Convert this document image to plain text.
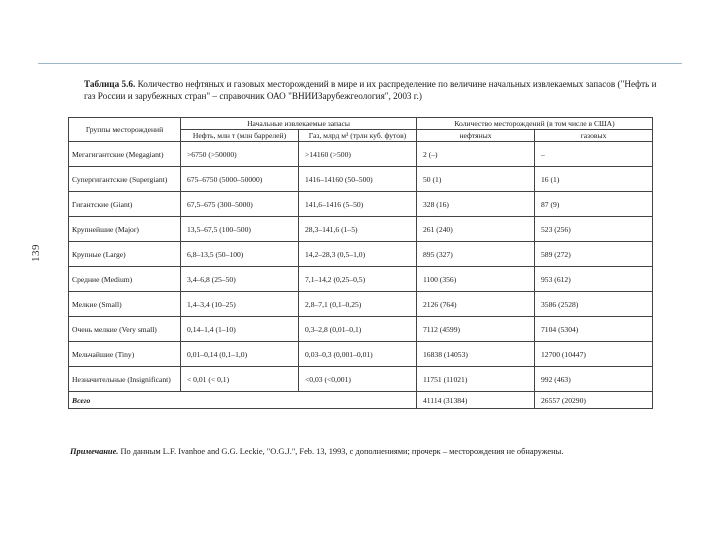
139
Таблица 5.6. Количество нефтяных и газовых месторождений в мире и их распределение по величине начальных извлекаемых запасов ("Нефть и газ России и зарубежных стран" – справочник ОАО "ВНИИЗарубежгеология", 2003 г.)
Группы месторождений	Начальные извлекаемые запасы		Количество месторождений (в том числе в США)	
	Нефть, млн т (млн баррелей)	Газ, млрд м³ (трлн куб. футов)		
			нефтяных	газовых
Мегагигантские (Megagiant)	>6750 (>50000)	>14160 (>500)	2 (–)	–
Супергигантские (Supergiant)	675–6750 (5000–50000)	1416–14160 (50–500)	50 (1)	16 (1)
Гигантские (Giant)	67,5–675 (300–5000)	141,6–1416 (5–50)	328 (16)	87 (9)
Крупнейшие (Major)	13,5–67,5 (100–500)	28,3–141,6 (1–5)	261 (240)	523 (256)
Крупные (Large)	6,8–13,5 (50–100)	14,2–28,3 (0,5–1,0)	895 (327)	589 (272)
Средние (Medium)	3,4–6,8 (25–50)	7,1–14,2 (0,25–0,5)	1100 (356)	953 (612)
Мелкие (Small)	1,4–3,4 (10–25)	2,8–7,1 (0,1–0,25)	2126 (764)	3586 (2528)
Очень мелкие (Very small)	0,14–1,4 (1–10)	0,3–2,8 (0,01–0,1)	7112 (4599)	7104 (5304)
Мельчайшие (Tiny)	0,01–0,14 (0,1–1,0)	0,03–0,3 (0,001–0,01)	16838 (14053)	12700 (10447)
Незначительные (Insignificant)	< 0,01 (< 0,1)	<0,03 (<0,001)	11751 (11021)	992 (463)
Всего			41114 (31384)	26557 (20290)
Примечание. По данным L.F. Ivanhoe and G.G. Leckie, "O.G.J.", Feb. 13, 1993, с дополнениями; прочерк – месторождения не обнаружены.
